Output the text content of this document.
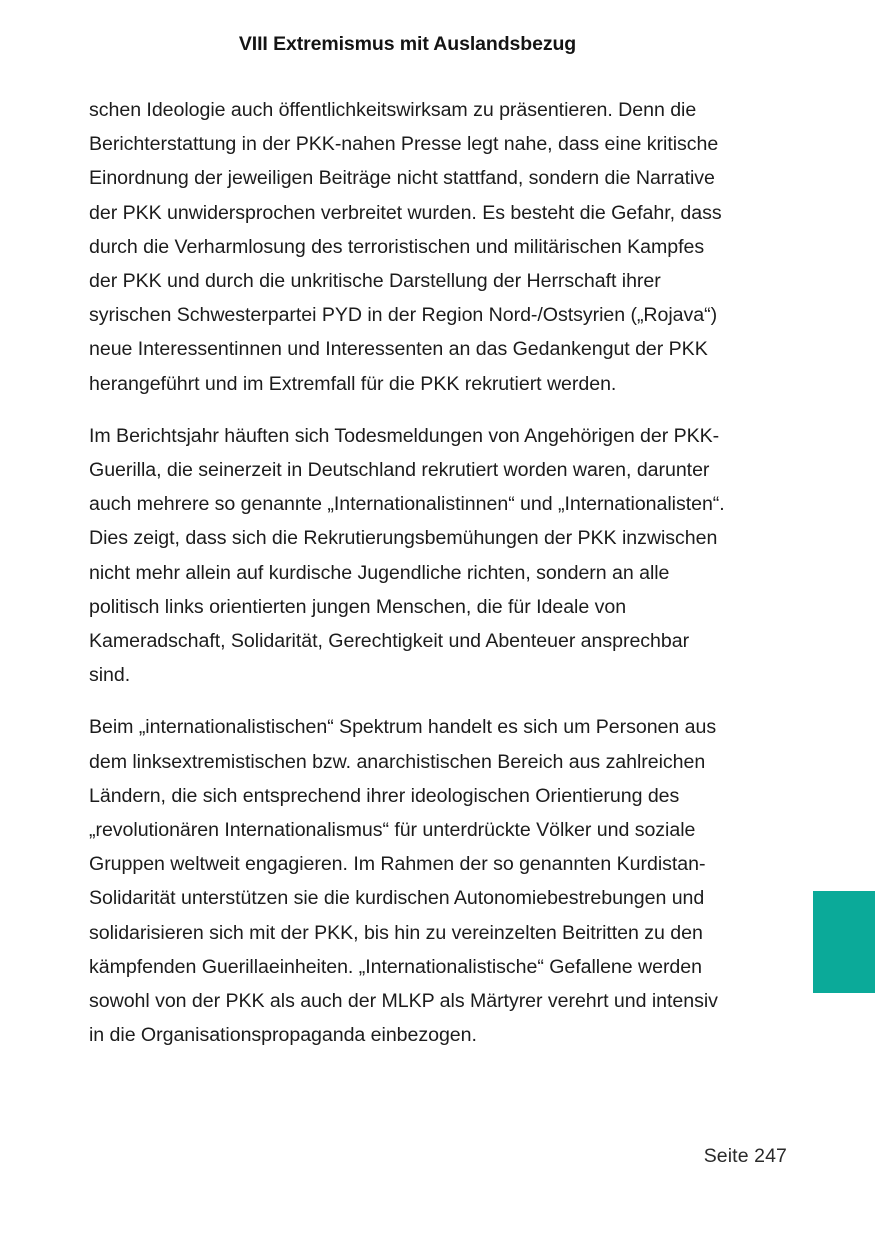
VIII Extremismus mit Auslandsbezug

schen Ideologie auch öffentlichkeitswirksam zu präsentieren. Denn die Berichterstattung in der PKK-nahen Presse legt nahe, dass eine kritische Einordnung der jeweiligen Beiträge nicht stattfand, sondern die Narrative der PKK unwidersprochen verbreitet wurden. Es besteht die Gefahr, dass durch die Verharmlosung des terroristischen und militärischen Kampfes der PKK und durch die unkritische Darstellung der Herrschaft ihrer syrischen Schwesterpartei PYD in der Region Nord-/Ostsyrien („Rojava“) neue Interessentinnen und Interessenten an das Gedankengut der PKK herangeführt und im Extremfall für die PKK rekrutiert werden.

Im Berichtsjahr häuften sich Todesmeldungen von Angehörigen der PKK-Guerilla, die seinerzeit in Deutschland rekrutiert worden waren, darunter auch mehrere so genannte „Internationalistinnen“ und „Internationalisten“. Dies zeigt, dass sich die Rekrutierungsbemühungen der PKK inzwischen nicht mehr allein auf kurdische Jugendliche richten, sondern an alle politisch links orientierten jungen Menschen, die für Ideale von Kameradschaft, Solidarität, Gerechtigkeit und Abenteuer ansprechbar sind.

Beim „internationalistischen“ Spektrum handelt es sich um Personen aus dem linksextremistischen bzw. anarchistischen Bereich aus zahlreichen Ländern, die sich entsprechend ihrer ideologischen Orientierung des „revolutionären Internationalismus“ für unterdrückte Völker und soziale Gruppen weltweit engagieren. Im Rahmen der so genannten Kurdistan-Solidarität unterstützen sie die kurdischen Autonomiebestrebungen und solidarisieren sich mit der PKK, bis hin zu vereinzelten Beitritten zu den kämpfenden Guerillaeinheiten. „Internationalistische“ Gefallene werden sowohl von der PKK als auch der MLKP als Märtyrer verehrt und intensiv in die Organisationspropaganda einbezogen.

Seite 247
